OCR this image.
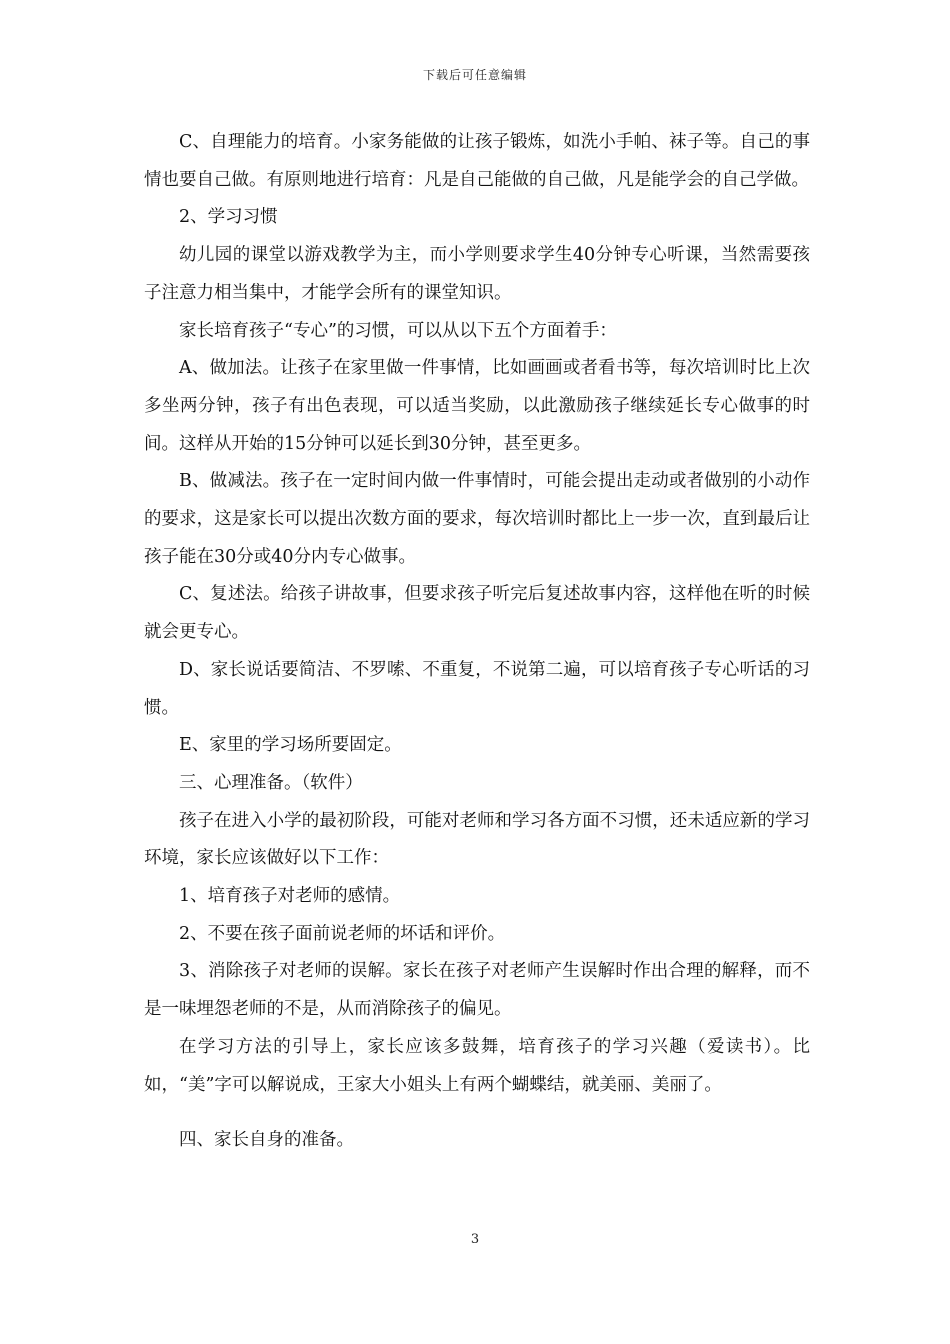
下载后可任意编辑

C、自理能力的培育。小家务能做的让孩子锻炼，如洗小手帕、袜子等。自己的事情也要自己做。有原则地进行培育：凡是自己能做的自己做，凡是能学会的自己学做。

2、学习习惯

幼儿园的课堂以游戏教学为主，而小学则要求学生40分钟专心听课，当然需要孩子注意力相当集中，才能学会所有的课堂知识。

家长培育孩子“专心”的习惯，可以从以下五个方面着手：

A、做加法。让孩子在家里做一件事情，比如画画或者看书等，每次培训时比上次多坐两分钟，孩子有出色表现，可以适当奖励，以此激励孩子继续延长专心做事的时间。这样从开始的15分钟可以延长到30分钟，甚至更多。

B、做减法。孩子在一定时间内做一件事情时，可能会提出走动或者做别的小动作的要求，这是家长可以提出次数方面的要求，每次培训时都比上一步一次，直到最后让孩子能在30分或40分内专心做事。

C、复述法。给孩子讲故事，但要求孩子听完后复述故事内容，这样他在听的时候就会更专心。

D、家长说话要简洁、不罗嗦、不重复，不说第二遍，可以培育孩子专心听话的习惯。

E、家里的学习场所要固定。

三、心理准备。（软件）

孩子在进入小学的最初阶段，可能对老师和学习各方面不习惯，还未适应新的学习环境，家长应该做好以下工作：

1、培育孩子对老师的感情。

2、不要在孩子面前说老师的坏话和评价。

3、消除孩子对老师的误解。家长在孩子对老师产生误解时作出合理的解释，而不是一味埋怨老师的不是，从而消除孩子的偏见。

在学习方法的引导上，家长应该多鼓舞，培育孩子的学习兴趣（爱读书）。比如，“美”字可以解说成，王家大小姐头上有两个蝴蝶结，就美丽、美丽了。

四、家长自身的准备。

3
